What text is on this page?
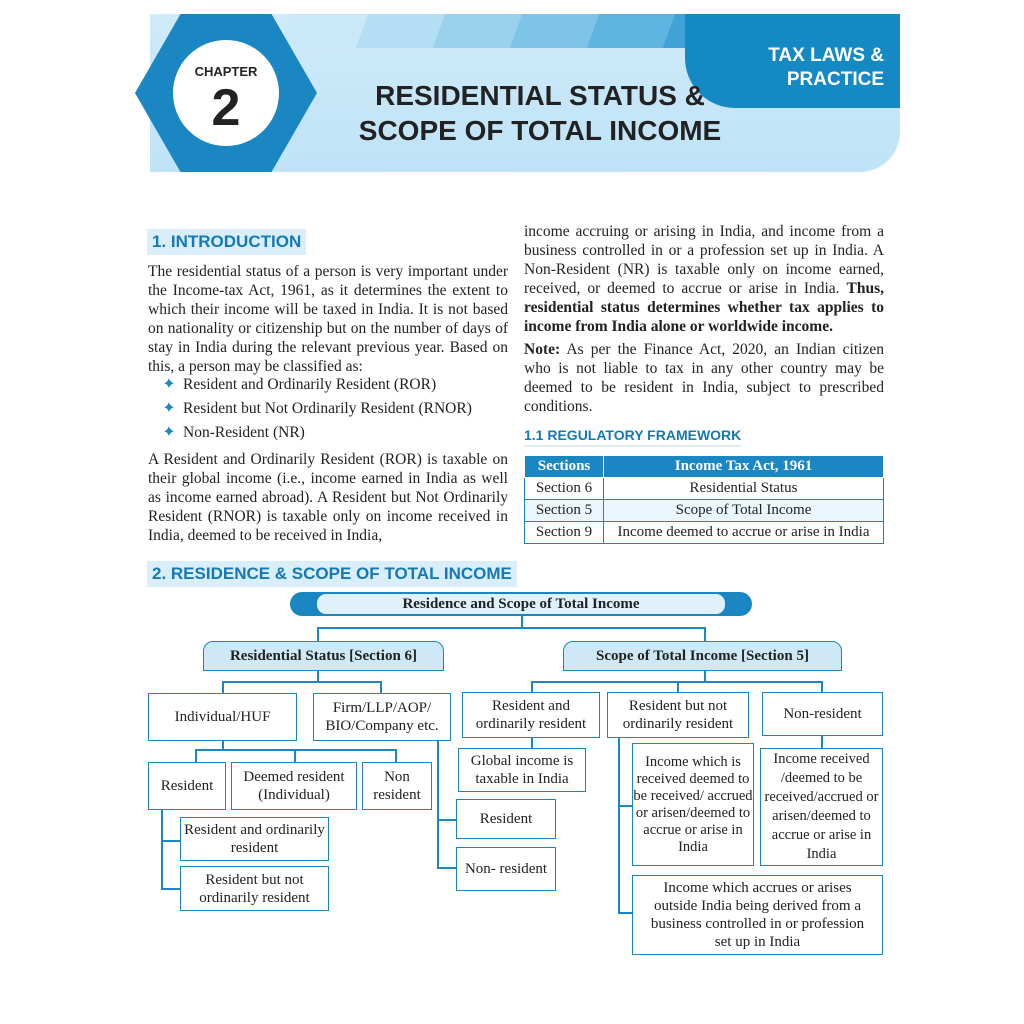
TAX LAWS &
PRACTICE
CHAPTER
2	RESIDENTIAL STATUS &
SCOPE OF TOTAL INCOME
1. INTRODUCTION
The residential status of a person is very important under the Income-tax Act, 1961, as it determines the extent to which their income will be taxed in India. It is not based on nationality or citizenship but on the number of days of stay in India during the relevant previous year. Based on this, a person may be classified as:
✦ Resident and Ordinarily Resident (ROR)
✦ Resident but Not Ordinarily Resident (RNOR)
✦ Non-Resident (NR)
A Resident and Ordinarily Resident (ROR) is taxable on their global income (i.e., income earned in India as well as income earned abroad). A Resident but Not Ordinarily Resident (RNOR) is taxable only on income received in India, deemed to be received in India,
income accruing or arising in India, and income from a business controlled in or a profession set up in India. A Non-Resident (NR) is taxable only on income earned, received, or deemed to accrue or arise in India. Thus, residential status determines whether tax applies to income from India alone or worldwide income.
Note: As per the Finance Act, 2020, an Indian citizen who is not liable to tax in any other country may be deemed to be resident in India, subject to prescribed conditions.
1.1 REGULATORY FRAMEWORK
Sections	Income Tax Act, 1961
Section 6	Residential Status
Section 5	Scope of Total Income
Section 9	Income deemed to accrue or arise in India
2. RESIDENCE & SCOPE OF TOTAL INCOME
Residence and Scope of Total Income
Residential Status [Section 6]	Scope of Total Income [Section 5]
Individual/HUF
Firm/LLP/AOP/ BIO/Company etc.
Resident and ordinarily resident
Resident but not ordinarily resident
Non-resident
Resident
Deemed resident (Individual)
Non resident
Resident and ordinarily resident
Resident but not ordinarily resident
Resident
Non- resident
Global income is taxable in India
Income which is received deemed to be received/ accrued or arisen/deemed to accrue or arise in India
Income received /deemed to be received/accrued or arisen/deemed to accrue or arise in India
Income which accrues or arises outside India being derived from a business controlled in or profession set up in India
